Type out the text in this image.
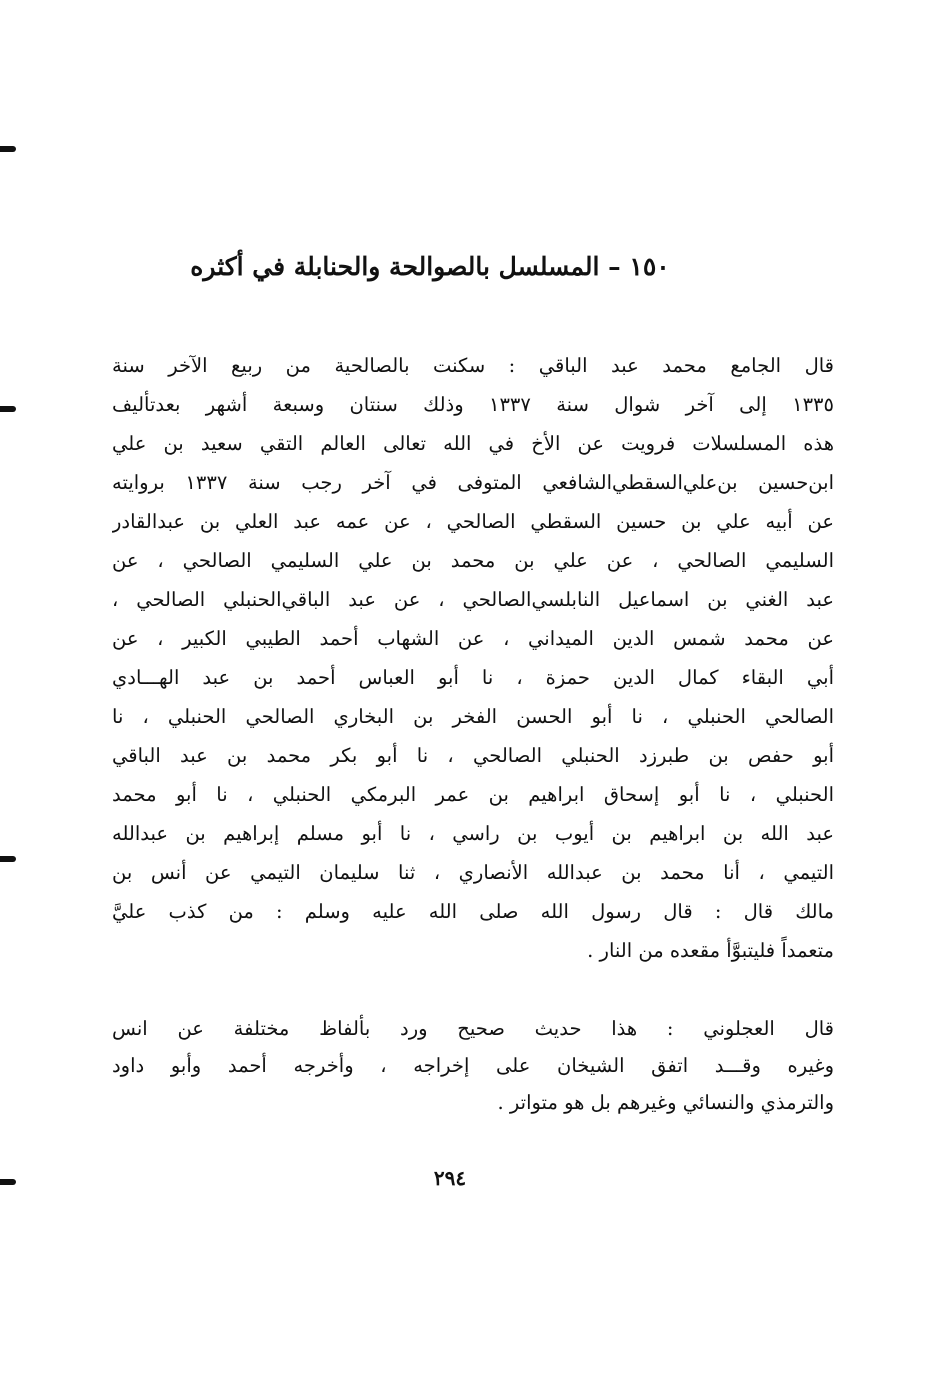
١٥٠ – المسلسل بالصوالحة والحنابلة في أكثره
قال الجامع محمد عبد الباقي : سكنت بالصالحية من ربيع الآخر سنة
١٣٣٥ إلى آخر شوال سنة ١٣٣٧ وذلك سنتان وسبعة أشهر بعدتأليف
هذه المسلسلات فرويت عن الأخ في الله تعالى العالم التقي سعيد بن علي
ابن‌حسين بن‌علي‌السقطي‌الشافعي المتوفى في آخر رجب سنة ١٣٣٧ بروايته
عن أبيه علي بن حسين السقطي الصالحي ، عن عمه عبد العلي بن عبدالقادر
السليمي الصالحي ، عن علي بن محمد بن علي السليمي الصالحي ، عن
عبد الغني بن اسماعيل النابلسي‌الصالحي ، عن عبد الباقي‌الحنبلي الصالحي ،
عن محمد شمس الدين الميداني ، عن الشهاب أحمد الطيبي الكبير ، عن
أبي البقاء كمال الدين حمزة ، نا أبو العباس أحمد بن عبد الهـــادي
الصالحي الحنبلي ، نا أبو الحسن الفخر بن البخاري الصالحي الحنبلي ، نا
أبو حفص بن طبرزد الحنبلي الصالحي ، نا أبو بكر محمد بن عبد الباقي
الحنبلي ، نا أبو إسحاق ابراهيم بن عمر البرمكي الحنبلي ، نا أبو محمد
عبد الله بن ابراهيم بن أيوب بن راسي ، نا أبو مسلم إبراهيم بن عبدالله
التيمي ، أنا محمد بن عبدالله الأنصاري ، ثنا سليمان التيمي عن أنس بن
مالك قال : قال رسول الله صلى الله عليه وسلم : من كذب عليَّ
متعمداً فليتبوَّأ مقعده من النار .
قال العجلوني : هذا حديث صحيح ورد بألفاظ مختلفة عن انس
وغيره وقـــد اتفق الشيخان على إخراجه ، وأخرجه أحمد وأبو داود
والترمذي والنسائي وغيرهم بل هو متواتر .
٢٩٤
